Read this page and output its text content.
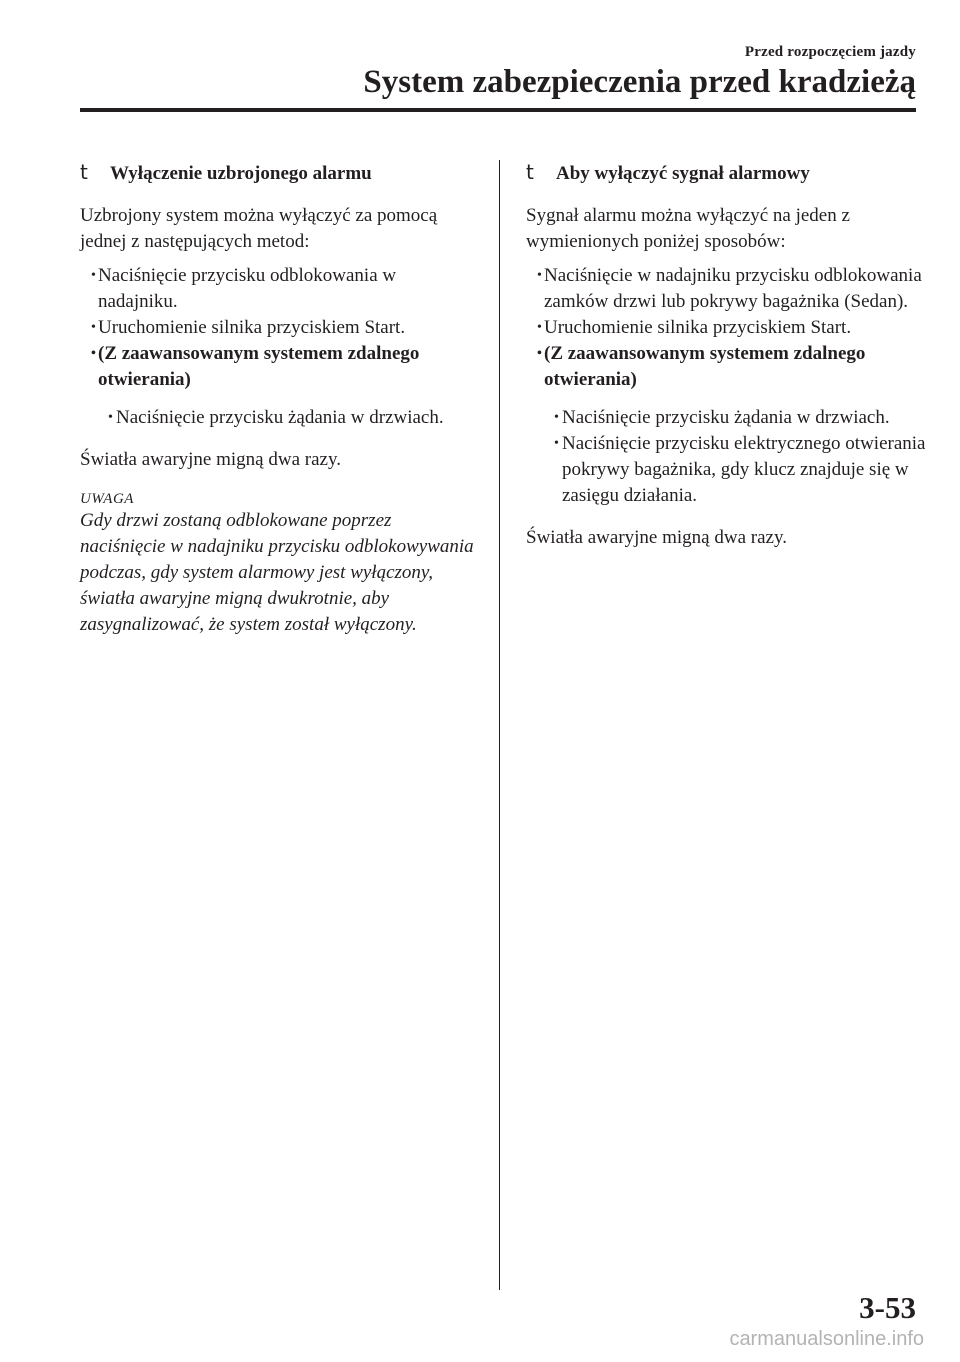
Przed rozpoczęciem jazdy
System zabezpieczenia przed kradzieżą
t	Wyłączenie uzbrojonego alarmu

Uzbrojony system można wyłączyć za pomocą jednej z następujących metod:

• Naciśnięcie przycisku odblokowania w nadajniku.
• Uruchomienie silnika przyciskiem Start.
• (Z zaawansowanym systemem zdalnego otwierania)
• Naciśnięcie przycisku żądania w drzwiach.

Światła awaryjne migną dwa razy.

UWAGA

Gdy drzwi zostaną odblokowane poprzez naciśnięcie w nadajniku przycisku odblokowywania podczas, gdy system alarmowy jest wyłączony, światła awaryjne migną dwukrotnie, aby zasygnalizować, że system został wyłączony.

t	Aby wyłączyć sygnał alarmowy

Sygnał alarmu można wyłączyć na jeden z wymienionych poniżej sposobów:

• Naciśnięcie w nadajniku przycisku odblokowania zamków drzwi lub pokrywy bagażnika (Sedan).
• Uruchomienie silnika przyciskiem Start.
• (Z zaawansowanym systemem zdalnego otwierania)
• Naciśnięcie przycisku żądania w drzwiach.
• Naciśnięcie przycisku elektrycznego otwierania pokrywy bagażnika, gdy klucz znajduje się w zasięgu działania.

Światła awaryjne migną dwa razy.

3-53
carmanualsonline.info
